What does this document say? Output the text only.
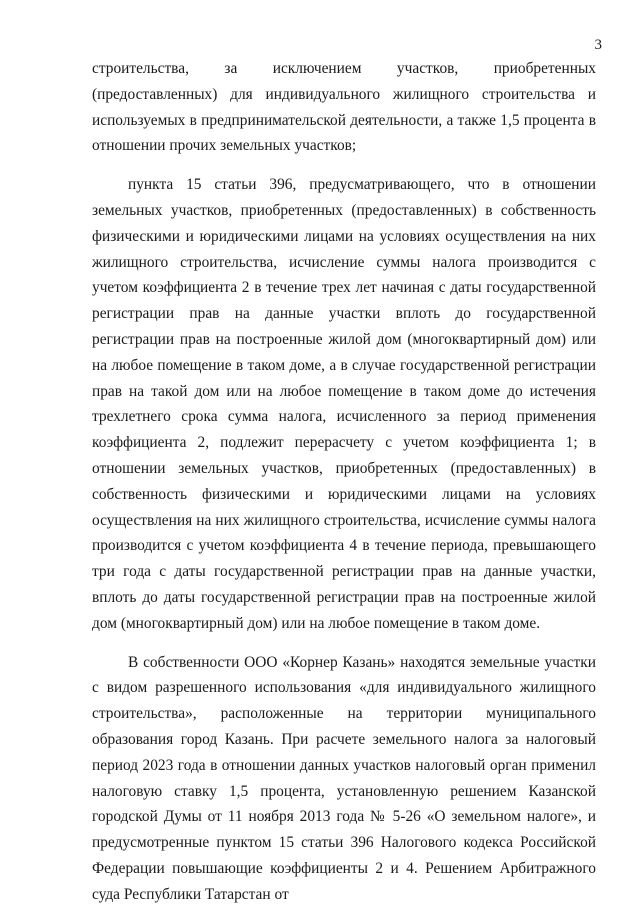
3

строительства, за исключением участков, приобретенных (предоставленных) для индивидуального жилищного строительства и используемых в предпринимательской деятельности, а также 1,5 процента в отношении прочих земельных участков;

пункта 15 статьи 396, предусматривающего, что в отношении земельных участков, приобретенных (предоставленных) в собственность физическими и юридическими лицами на условиях осуществления на них жилищного строительства, исчисление суммы налога производится с учетом коэффициента 2 в течение трех лет начиная с даты государственной регистрации прав на данные участки вплоть до государственной регистрации прав на построенные жилой дом (многоквартирный дом) или на любое помещение в таком доме, а в случае государственной регистрации прав на такой дом или на любое помещение в таком доме до истечения трехлетнего срока сумма налога, исчисленного за период применения коэффициента 2, подлежит перерасчету с учетом коэффициента 1; в отношении земельных участков, приобретенных (предоставленных) в собственность физическими и юридическими лицами на условиях осуществления на них жилищного строительства, исчисление суммы налога производится с учетом коэффициента 4 в течение периода, превышающего три года с даты государственной регистрации прав на данные участки, вплоть до даты государственной регистрации прав на построенные жилой дом (многоквартирный дом) или на любое помещение в таком доме.

В собственности ООО «Корнер Казань» находятся земельные участки с видом разрешенного использования «для индивидуального жилищного строительства», расположенные на территории муниципального образования город Казань. При расчете земельного налога за налоговый период 2023 года в отношении данных участков налоговый орган применил налоговую ставку 1,5 процента, установленную решением Казанской городской Думы от 11 ноября 2013 года № 5-26 «О земельном налоге», и предусмотренные пунктом 15 статьи 396 Налогового кодекса Российской Федерации повышающие коэффициенты 2 и 4. Решением Арбитражного суда Республики Татарстан от
